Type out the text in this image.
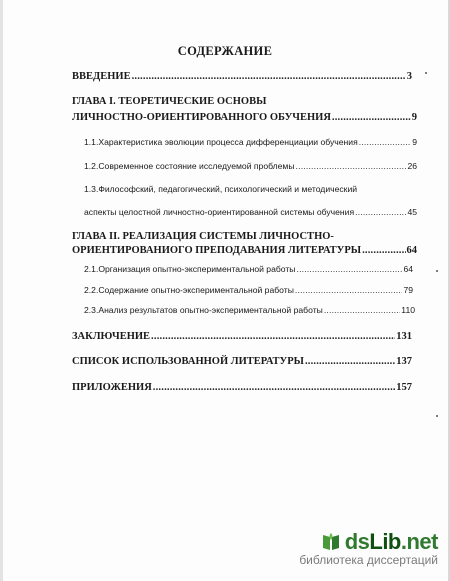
СОДЕРЖАНИЕ
ВВЕДЕНИЕ .....	3
ГЛАВА I. ТЕОРЕТИЧЕСКИЕ ОСНОВЫ
ЛИЧНОСТНО-ОРИЕНТИРОВАННОГО ОБУЧЕНИЯ .....	9
1.1.Характеристика эволюции процесса дифференциации обучения .....	9
1.2.Современное состояние исследуемой проблемы .....	26
1.3.Философский, педагогический, психологический и методический
аспекты целостной личностно-ориентированной системы обучения .....	45
ГЛАВА II. РЕАЛИЗАЦИЯ СИСТЕМЫ ЛИЧНОСТНО-
ОРИЕНТИРОВАНИОГО ПРЕПОДАВАНИЯ ЛИТЕРАТУРЫ .....	64
2.1.Организация опытно-экспериментальной работы .....	64
2.2.Содержание опытно-экспериментальной работы .....	79
2.3.Анализ результатов опытно-экспериментальной работы .....	110
ЗАКЛЮЧЕНИЕ .....	131
СПИСОК ИСПОЛЬЗОВАННОЙ ЛИТЕРАТУРЫ .....	137
ПРИЛОЖЕНИЯ .....	157
dsLib.net
библиотека диссертаций
